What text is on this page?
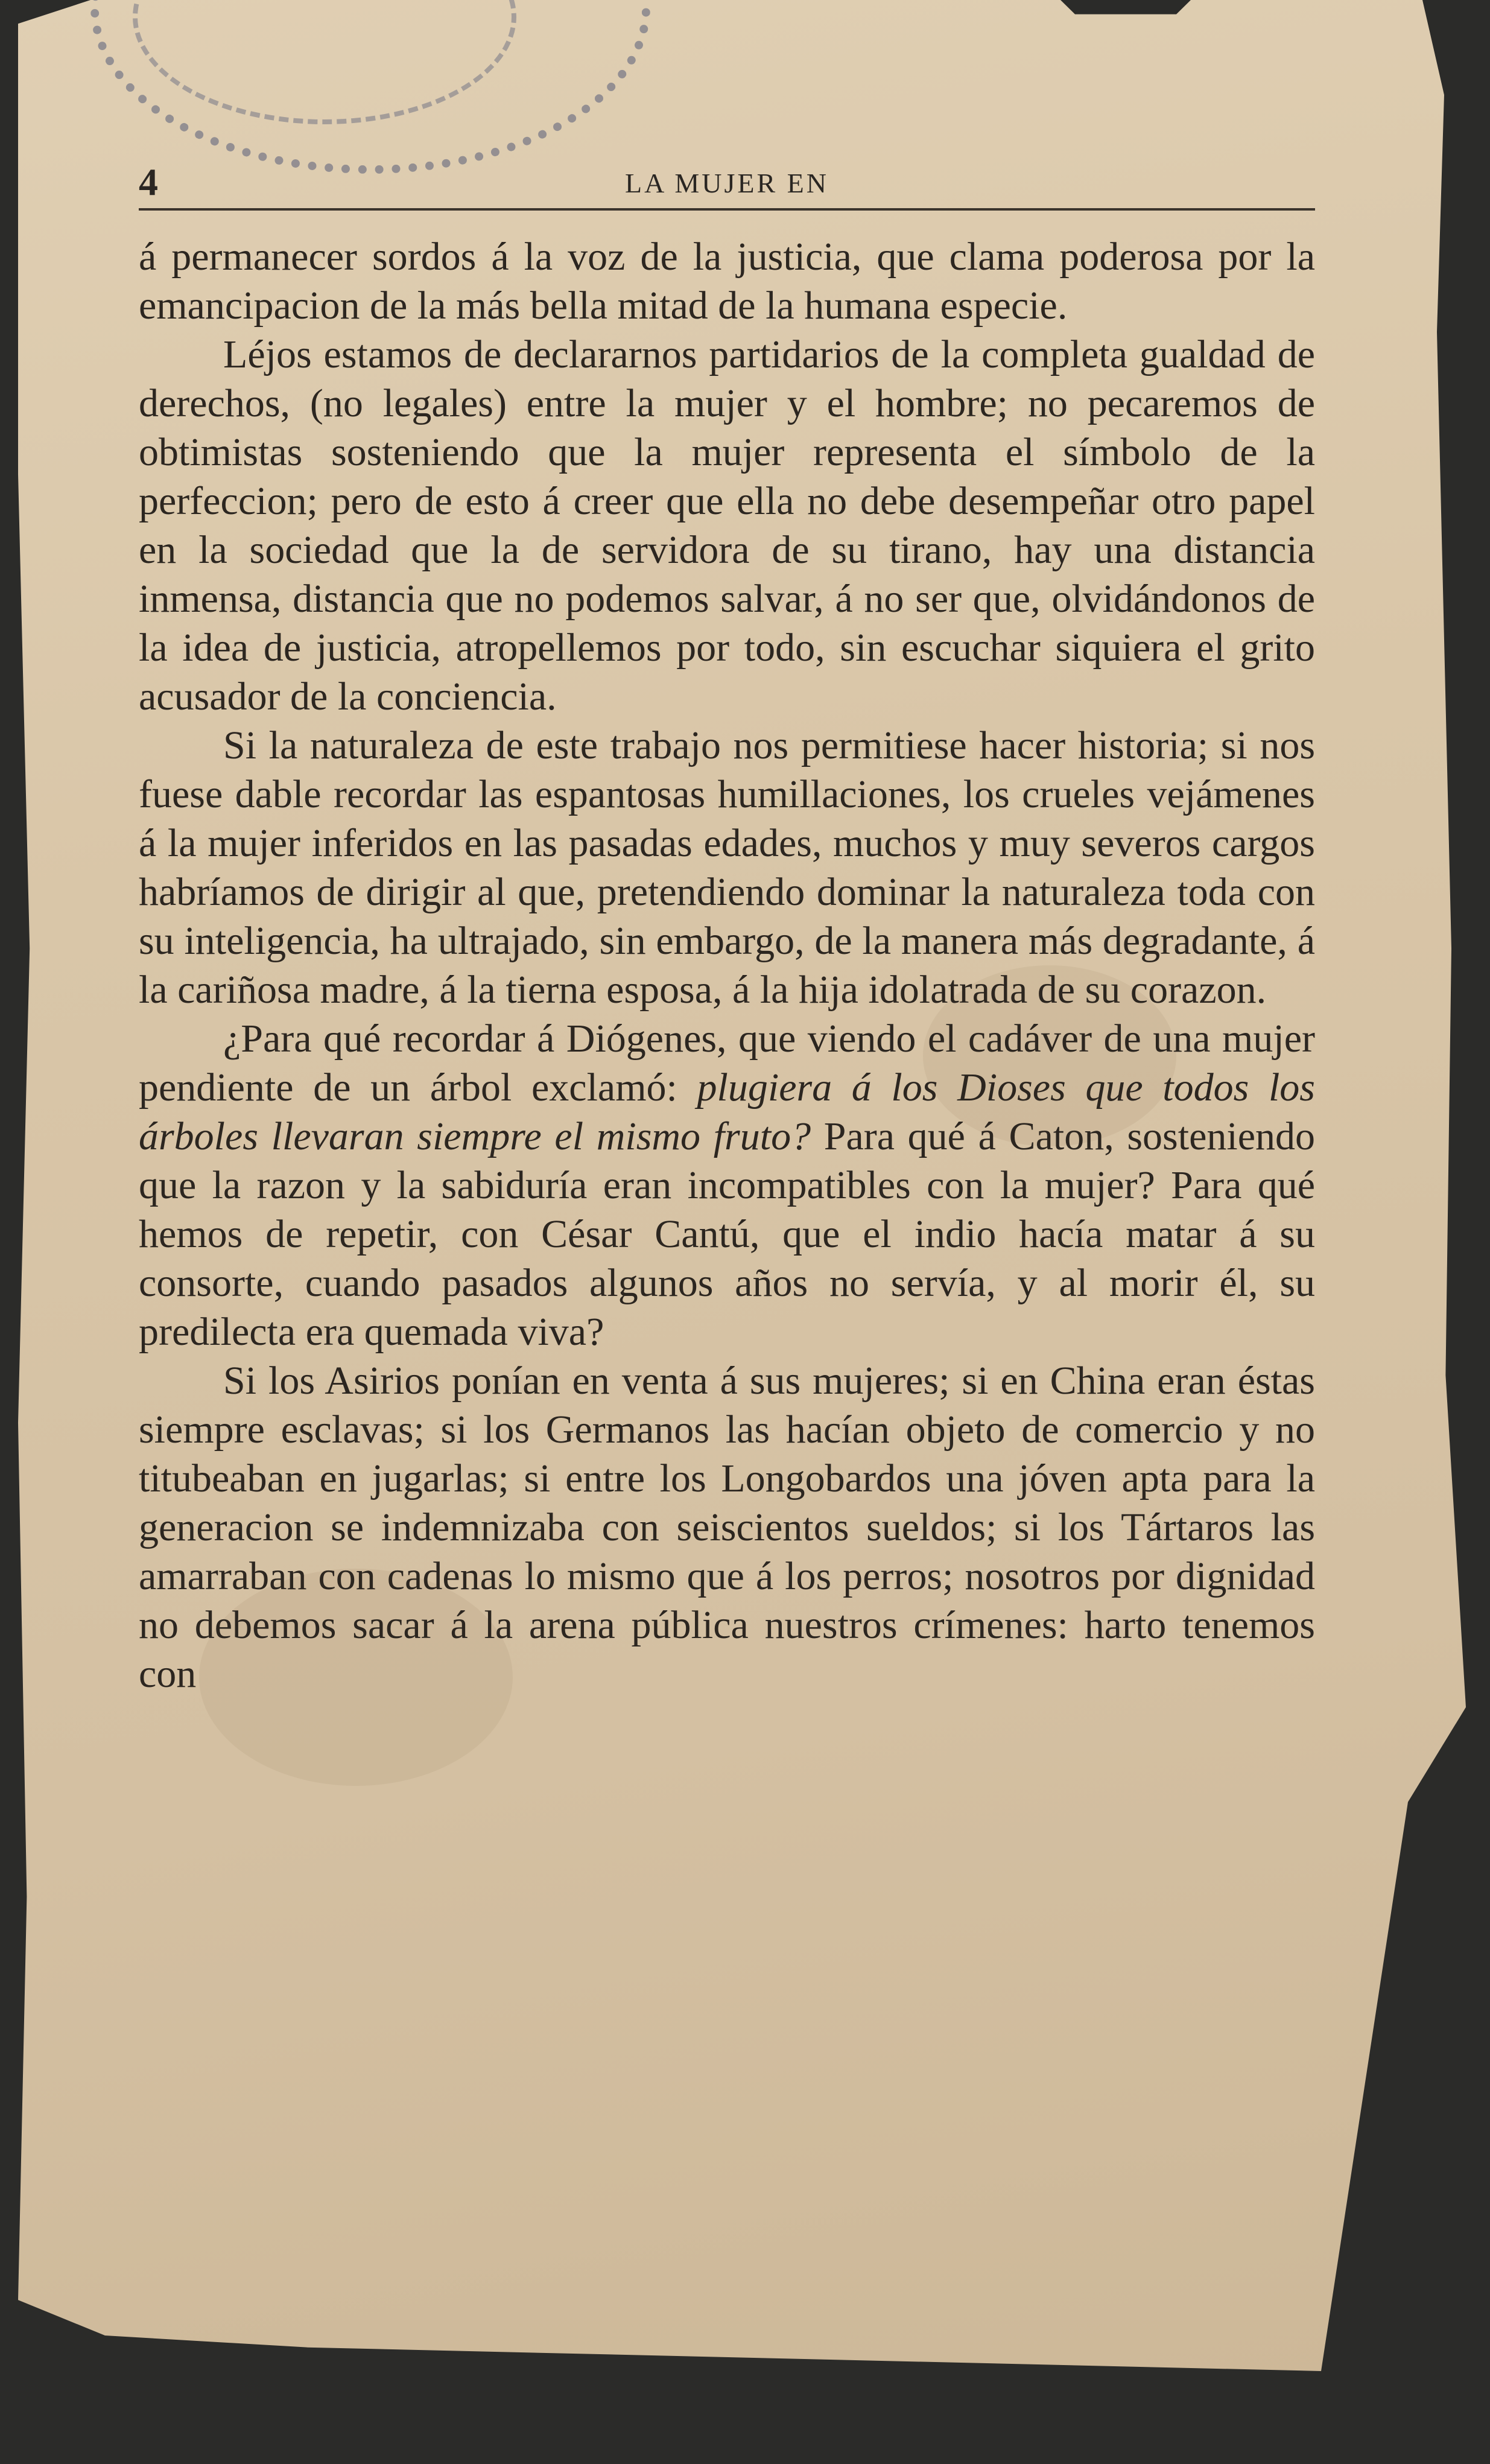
4	LA MUJER EN

á permanecer sordos á la voz de la justicia, que clama poderosa por la emancipacion de la más bella mitad de la humana especie.

Léjos estamos de declararnos partidarios de la completa gualdad de derechos, (no legales) entre la mujer y el hombre; no pecaremos de obtimistas sosteniendo que la mujer representa el símbolo de la perfeccion; pero de esto á creer que ella no debe desempeñar otro papel en la sociedad que la de servidora de su tirano, hay una distancia inmensa, distancia que no podemos salvar, á no ser que, olvidándonos de la idea de justicia, atropellemos por todo, sin escuchar siquiera el grito acusador de la conciencia.

Si la naturaleza de este trabajo nos permitiese hacer historia; si nos fuese dable recordar las espantosas humillaciones, los crueles vejámenes á la mujer inferidos en las pasadas edades, muchos y muy severos cargos habríamos de dirigir al que, pretendiendo dominar la naturaleza toda con su inteligencia, ha ultrajado, sin embargo, de la manera más degradante, á la cariñosa madre, á la tierna esposa, á la hija idolatrada de su corazon.

¿Para qué recordar á Diógenes, que viendo el cadáver de una mujer pendiente de un árbol exclamó: plugiera á los Dioses que todos los árboles llevaran siempre el mismo fruto? Para qué á Caton, sosteniendo que la razon y la sabiduría eran incompatibles con la mujer? Para qué hemos de repetir, con César Cantú, que el indio hacía matar á su consorte, cuando pasados algunos años no servía, y al morir él, su predilecta era quemada viva?

Si los Asirios ponían en venta á sus mujeres; si en China eran éstas siempre esclavas; si los Germanos las hacían objeto de comercio y no titubeaban en jugarlas; si entre los Longobardos una jóven apta para la generacion se indemnizaba con seiscientos sueldos; si los Tártaros las amarraban con cadenas lo mismo que á los perros; nosotros por dignidad no debemos sacar á la arena pública nuestros crímenes: harto tenemos con
